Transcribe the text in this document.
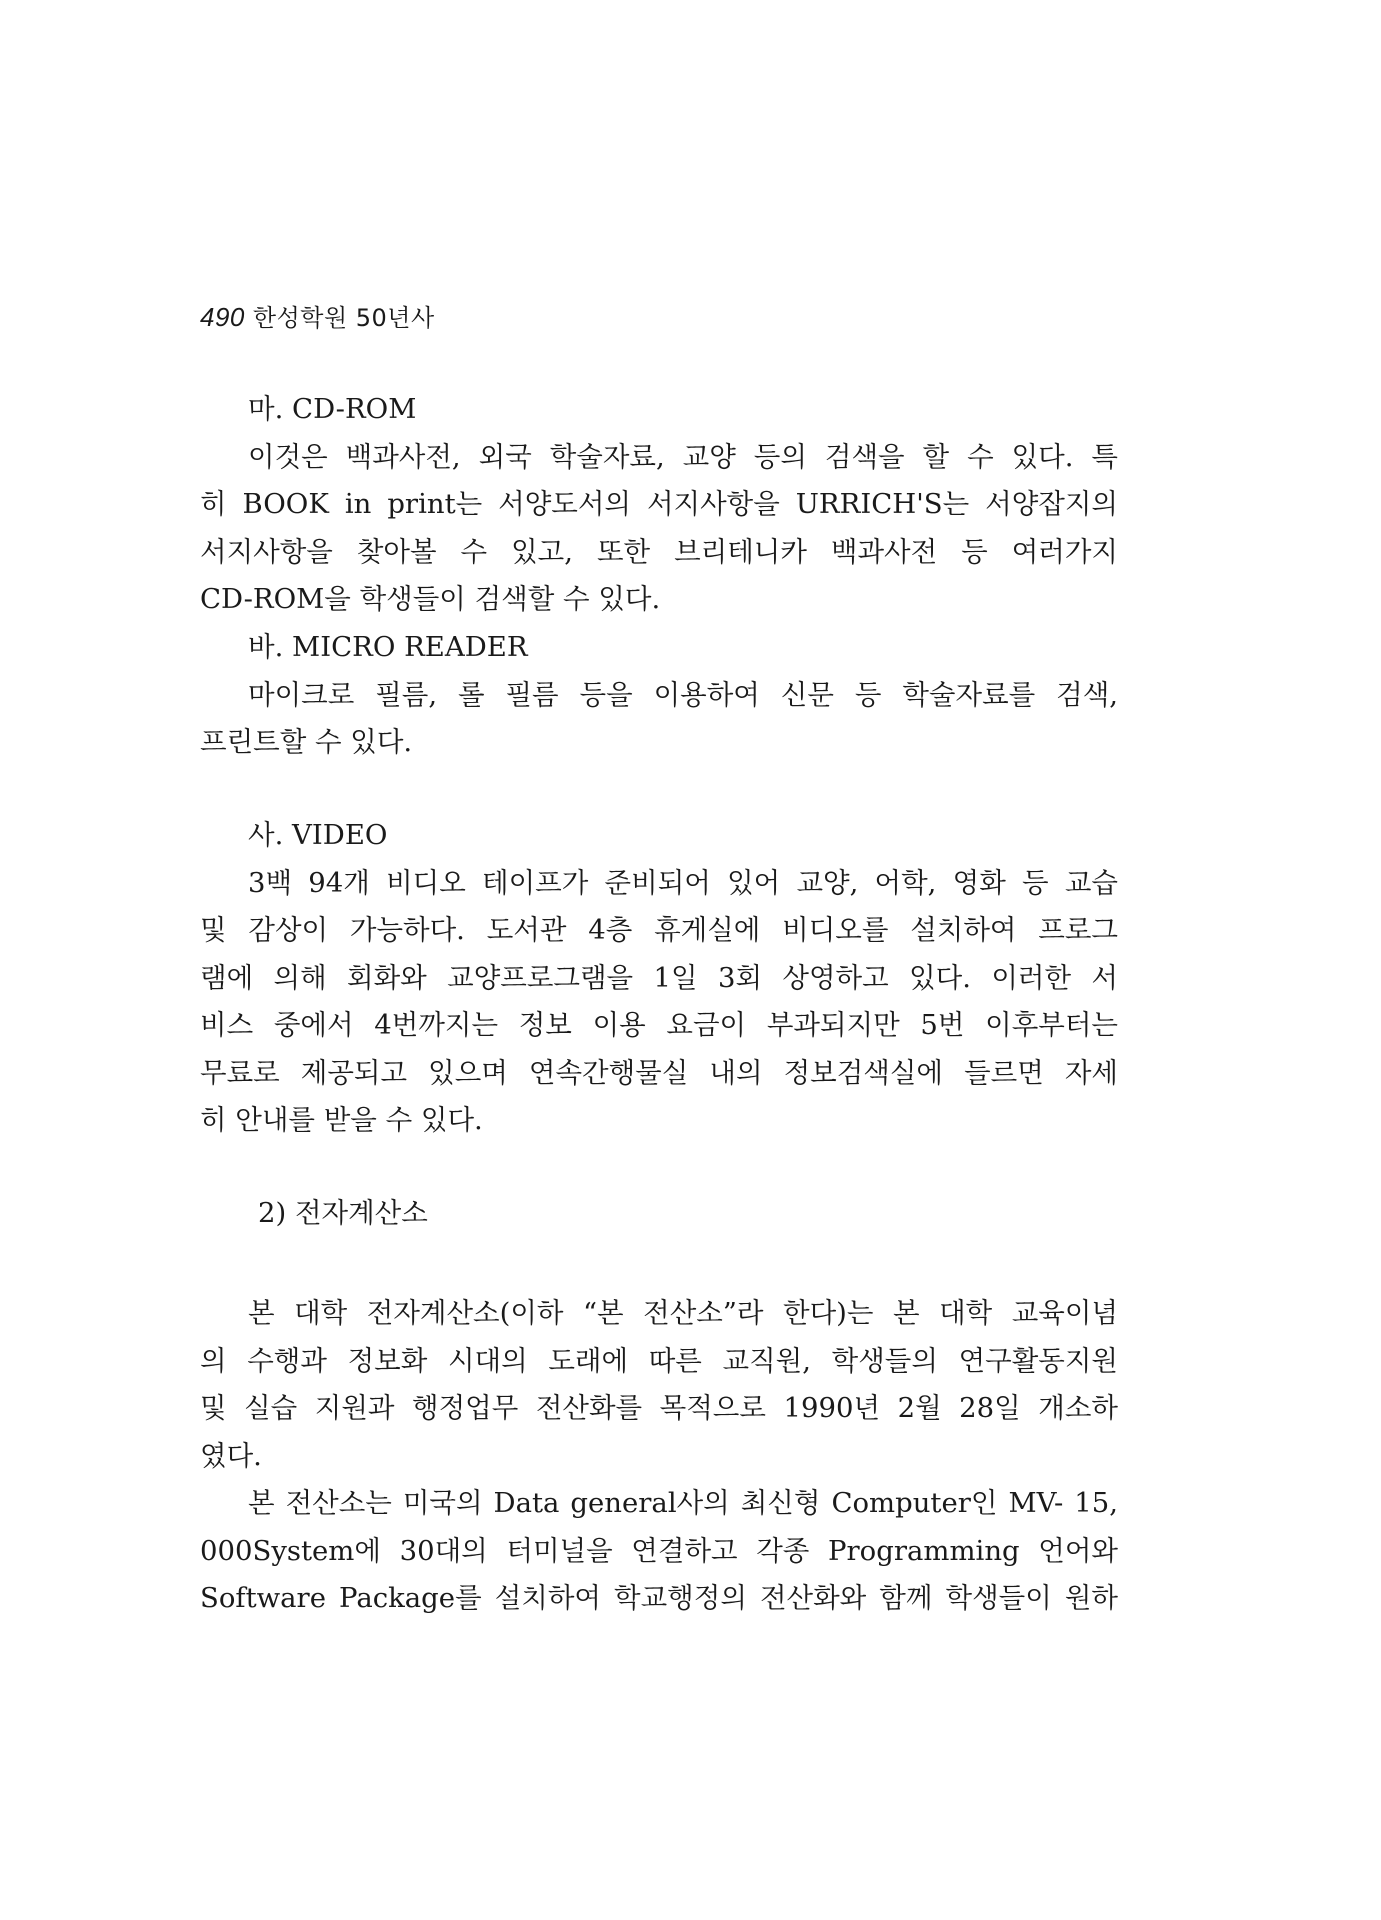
490 한성학원 50년사
마. CD-ROM
이것은 백과사전, 외국 학술자료, 교양 등의 검색을 할 수 있다. 특
히 BOOK in print는 서양도서의 서지사항을 URRICH'S는 서양잡지의
서지사항을 찾아볼 수 있고, 또한 브리테니카 백과사전 등 여러가지
CD-ROM을 학생들이 검색할 수 있다.
바. MICRO READER
마이크로 필름, 롤 필름 등을 이용하여 신문 등 학술자료를 검색,
프린트할 수 있다.
사. VIDEO
3백 94개 비디오 테이프가 준비되어 있어 교양, 어학, 영화 등 교습
및 감상이 가능하다. 도서관 4층 휴게실에 비디오를 설치하여 프로그
램에 의해 회화와 교양프로그램을 1일 3회 상영하고 있다. 이러한 서
비스 중에서 4번까지는 정보 이용 요금이 부과되지만 5번 이후부터는
무료로 제공되고 있으며 연속간행물실 내의 정보검색실에 들르면 자세
히 안내를 받을 수 있다.
2) 전자계산소
본 대학 전자계산소(이하 “본 전산소”라 한다)는 본 대학 교육이념
의 수행과 정보화 시대의 도래에 따른 교직원, 학생들의 연구활동지원
및 실습 지원과 행정업무 전산화를 목적으로 1990년 2월 28일 개소하
였다.
본 전산소는 미국의 Data general사의 최신형 Computer인 MV- 15,
000System에 30대의 터미널을 연결하고 각종 Programming 언어와
Software Package를 설치하여 학교행정의 전산화와 함께 학생들이 원하
